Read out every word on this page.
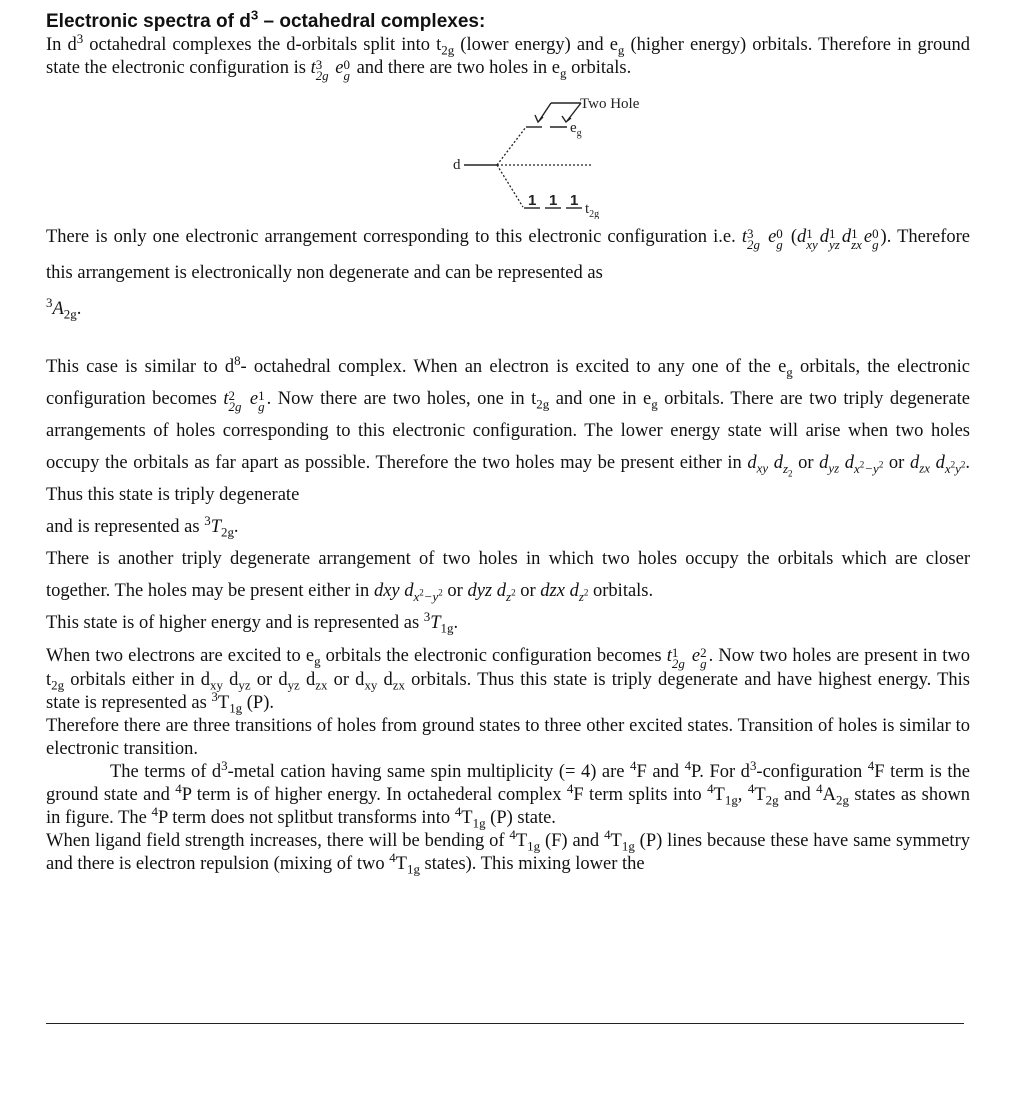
Electronic spectra of $d^3$ – octahedral complexes:

In $d^3$ octahedral complexes the d-orbitals split into $t_{2g}$ (lower energy) and $e_g$ (higher energy) orbitals. Therefore in ground state the electronic configuration is t 3
2g e 0
g and there are two holes in $e_g$ orbitals.

Two Hole
$e_g$
d
1 1 1 $t_{2g}$

There is only one electronic arrangement corresponding to this electronic configuration i.e. t 3
2g e 0
g (d 1
xy d 1
yz d 1
zx e 0
g ). Therefore this arrangement is electronically non degenerate and can be represented as
$^3A_{2g}$.

This case is similar to $d^8-$ octahedral complex. When an electron is excited to any one of the $e_g$ orbitals, the electronic configuration becomes t 2
2g e 1
g . Now there are two holes, one in $t_{2g}$ and one in $e_g$ orbitals. There are two triply degenerate arrangements of holes corresponding to this electronic configuration. The lower energy state will arise when two holes occupy the orbitals as far apart as possible. Therefore the two holes may be present either in $d_{xy}$ $d_{z_2}$ or $d_{yz}$ $d_{x^2-y^2}$ or $d_{zx}$ $d_{x^2y^2}$. Thus this state is triply degenerate
and is represented as $^3T_{2g}$.

There is another triply degenerate arrangement of two holes in which two holes occupy the orbitals which are closer together. The holes may be present either in dxy $d_{x^2-y^2}$ or dyz $d_{z^2}$ or dzx $d_{z^2}$ orbitals.
This state is of higher energy and is represented as $^3T_{1g}$.

When two electrons are excited to $e_g$ orbitals the electronic configuration becomes t 1
2g e 2
g . Now two holes are present in two $t_{2g}$ orbitals either in $d_{xy}$ $d_{yz}$ or $d_{yz}$ $d_{zx}$ or $d_{xy}$ $d_{zx}$ orbitals. Thus this state is triply degenerate and have highest energy. This state is represented as $^3T_{1g}$ (P).

Therefore there are three transitions of holes from ground states to three other excited states. Transition of holes is similar to electronic transition.

The terms of $d^3$-metal cation having same spin multiplicity (= 4) are $^4$F and $^4$P. For $d^3$-configuration $^4$F term is the ground state and $^4$P term is of higher energy. In octahederal complex $^4$F term splits into $^4T_{1g}$, $^4T_{2g}$ and $^4A_{2g}$ states as shown in figure. The $^4$P term does not splitbut transforms into $^4T_{1g}$ (P) state.

When ligand field strength increases, there will be bending of $^4T_{1g}$ (F) and $^4T_{1g}$ (P) lines because these have same symmetry and there is electron repulsion (mixing of two $^4T_{1g}$ states). This mixing lower the
